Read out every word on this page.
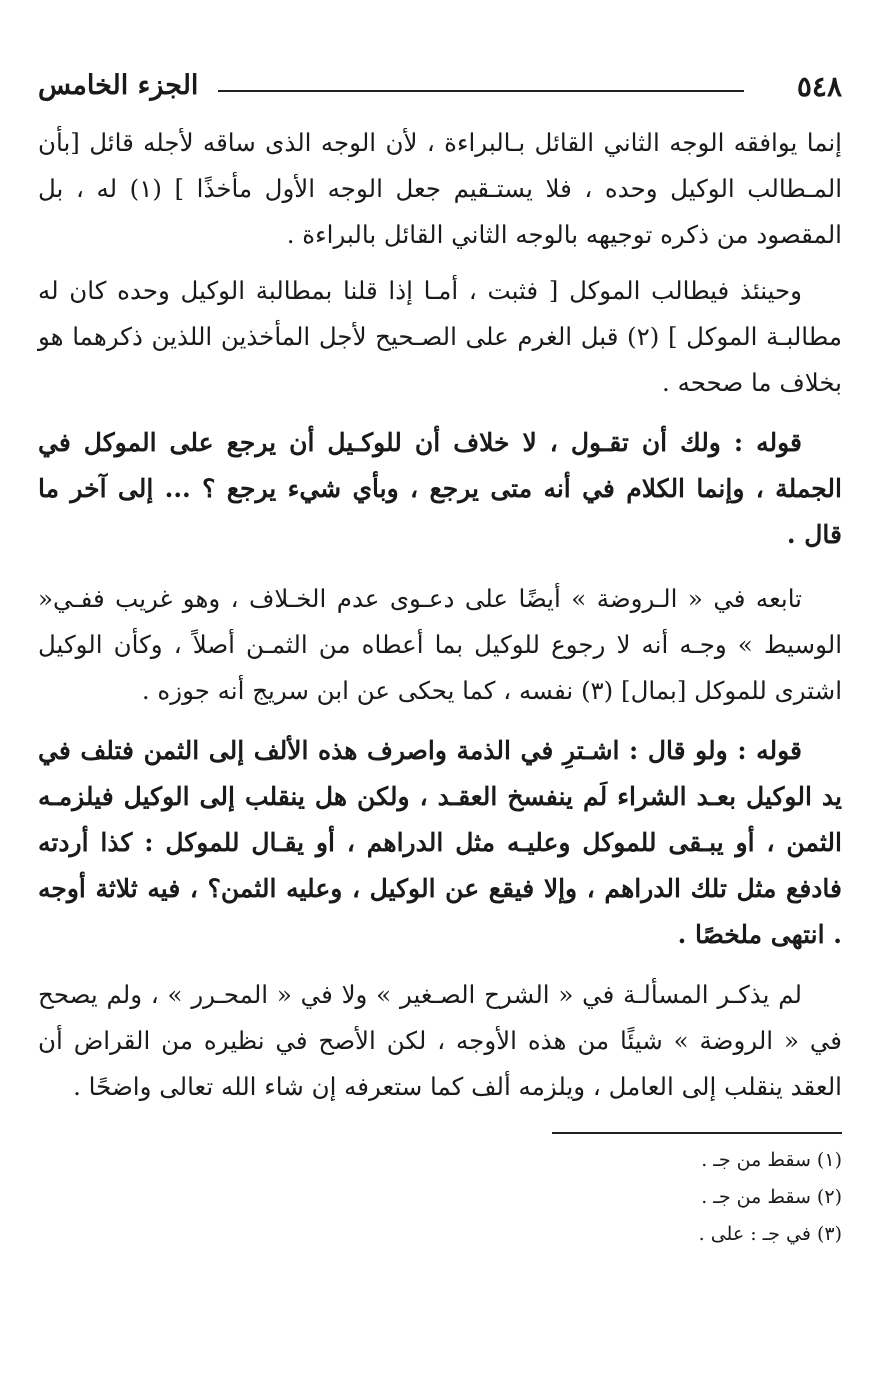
٥٤٨
الجزء الخامس

إنما يوافقه الوجه الثاني القائل بـالبراءة ، لأن الوجه الذى ساقه لأجله قائل [بأن المـطالب الوكيل وحده ، فلا يستـقيم جعل الوجه الأول مأخذًا ] (١) له ، بل المقصود من ذكره توجيهه بالوجه الثاني القائل بالبراءة .

وحينئذ فيطالب الموكل [ فثبت ، أمـا إذا قلنا بمطالبة الوكيل وحده كان له مطالبـة الموكل ] (٢) قبل الغرم على الصـحيح لأجل المأخذين اللذين ذكرهما هو بخلاف ما صححه .

قوله : ولك أن تقـول ، لا خلاف أن للوكـيل أن يرجع على الموكل في الجملة ، وإنما الكلام في أنه متى يرجع ، وبأي شيء يرجع ؟ ... إلى آخر ما قال .

تابعه في « الـروضة » أيضًا على دعـوى عدم الخـلاف ، وهو غريب ففـي« الوسيط » وجـه أنه لا رجوع للوكيل بما أعطاه من الثمـن أصلاً ، وكأن الوكيل اشترى للموكل [بمال] (٣) نفسه ، كما يحكى عن ابن سريج أنه جوزه .

قوله : ولو قال : اشـترِ في الذمة واصرف هذه الألف إلى الثمن فتلف في يد الوكيل بعـد الشراء لَم ينفسخ العقـد ، ولكن هل ينقلب إلى الوكيل فيلزمـه الثمن ، أو يبـقى للموكل وعليـه مثل الدراهم ، أو يقـال للموكل : كذا أردته فادفع مثل تلك الدراهم ، وإلا فيقع عن الوكيل ، وعليه الثمن؟ ، فيه ثلاثة أوجه . انتهى ملخصًا .

لم يذكـر المسألـة في « الشرح الصـغير » ولا في « المحـرر » ، ولم يصحح في « الروضة » شيئًا من هذه الأوجه ، لكن الأصح في نظيره من القراض أن العقد ينقلب إلى العامل ، ويلزمه ألف كما ستعرفه إن شاء الله تعالى واضحًا .

(١) سقط من جـ .

(٢) سقط من جـ .

(٣) في جـ : على .
